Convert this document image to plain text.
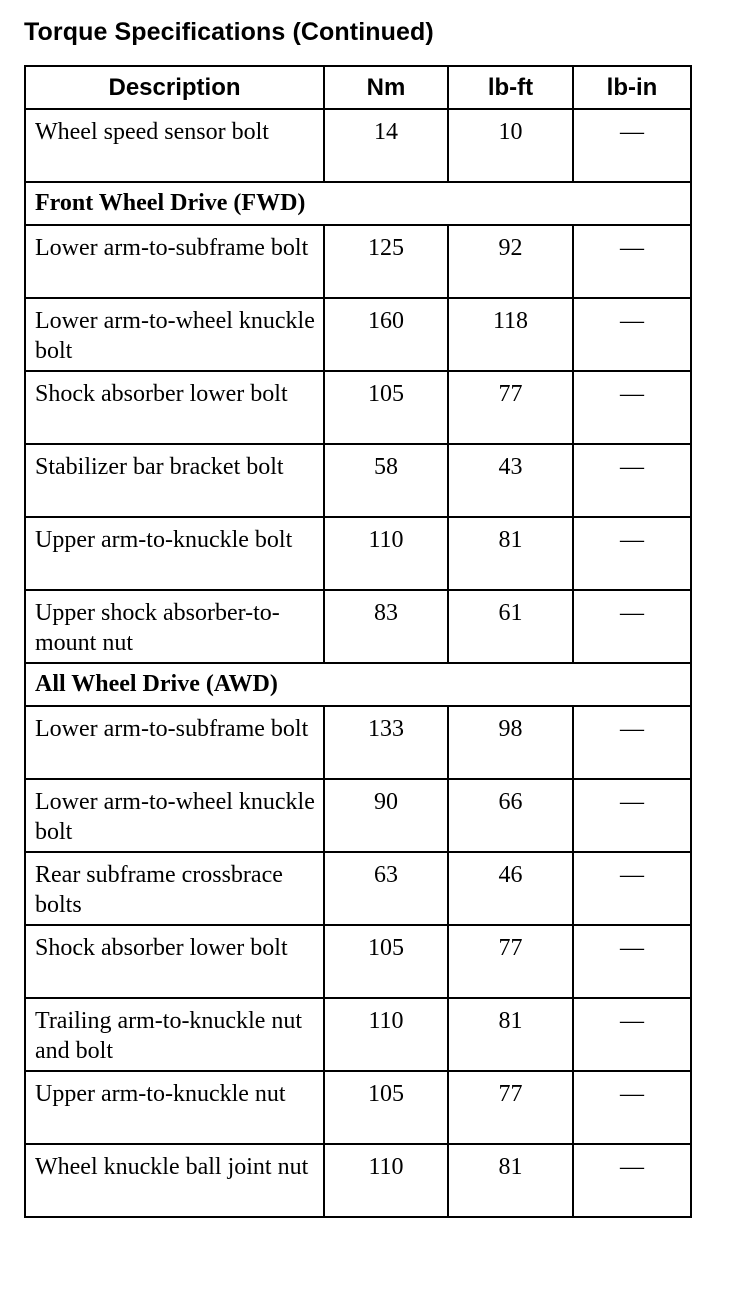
Torque Specifications (Continued)
Description	Nm	lb-ft	lb-in
Wheel speed sensor bolt	14	10	—
Front Wheel Drive (FWD)			
Lower arm-to-subframe bolt	125	92	—
Lower arm-to-wheel knuckle bolt	160	118	—
Shock absorber lower bolt	105	77	—
Stabilizer bar bracket bolt	58	43	—
Upper arm-to-knuckle bolt	110	81	—
Upper shock absorber-to-mount nut	83	61	—
All Wheel Drive (AWD)			
Lower arm-to-subframe bolt	133	98	—
Lower arm-to-wheel knuckle bolt	90	66	—
Rear subframe crossbrace bolts	63	46	—
Shock absorber lower bolt	105	77	—
Trailing arm-to-knuckle nut and bolt	110	81	—
Upper arm-to-knuckle nut	105	77	—
Wheel knuckle ball joint nut	110	81	—
